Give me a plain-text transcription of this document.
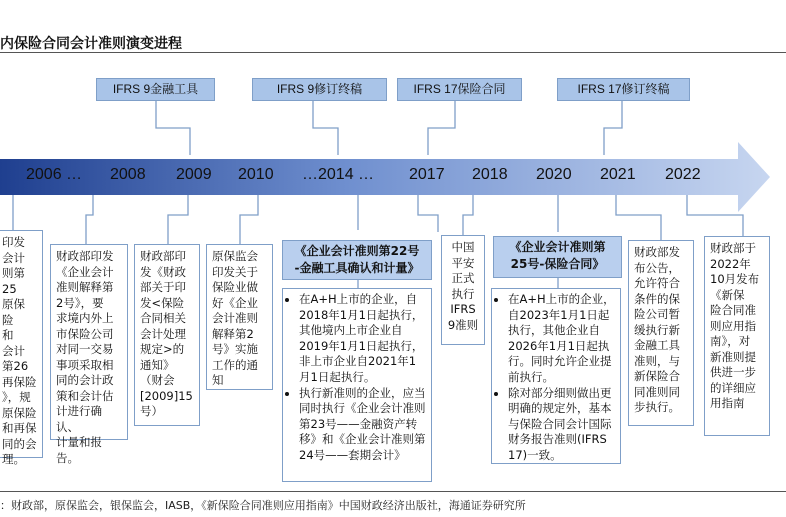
内保险合同会计准则演变进程
IFRS 9金融工具	IFRS 9修订终稿	IFRS 17保险合同	IFRS 17修订终稿
2006 … 2008 2009 2010 …2014 … 2017 2018 2020 2021 2022
印发
会计
则第25
原保
险
和
会计
第26
再保险
》，规
原保险
和再保
同的会
理。
财政部印发
《企业会计
准则解释第
2号》，要
求境内外上
市保险公司
对同一交易
事项采取相
同的会计政
策和会计估
计进行确认、
计量和报告。
财政部印
发《财政
部关于印
发<保险
合同相关
会计处理
规定>的
通知》
（财会
[2009]15
号）
原保监会
印发关于
保险业做
好《企业
会计准则
解释第2
号》实施
工作的通
知
《企业会计准则第22号
-金融工具确认和计量》
• 在A+H上市的企业，自2018年1月1日起执行，其他境内上市企业自2019年1月1日起执行，非上市企业自2021年1月1日起执行。
• 执行新准则的企业，应当同时执行《企业会计准则第23号——金融资产转移》和《企业会计准则第24号——套期会计》
中国
平安
正式
执行
IFRS
9准则
《企业会计准则第
25号-保险合同》
• 在A+H上市的企业，自2023年1月1日起执行，其他企业自2026年1月1日起执行。同时允许企业提前执行。
• 除对部分细则做出更明确的规定外，基本与保险合同会计国际财务报告准则(IFRS 17)一致。
财政部发
布公告，
允许符合
条件的保
险公司暂
缓执行新
金融工具
准则，与
新保险合
同准则同
步执行。
财政部于
2022年
10月发布
《新保
险合同准
则应用指
南》，对
新准则提
供进一步
的详细应
用指南
：财政部，原保监会，银保监会，IASB，《新保险合同准则应用指南》中国财政经济出版社，海通证券研究所
